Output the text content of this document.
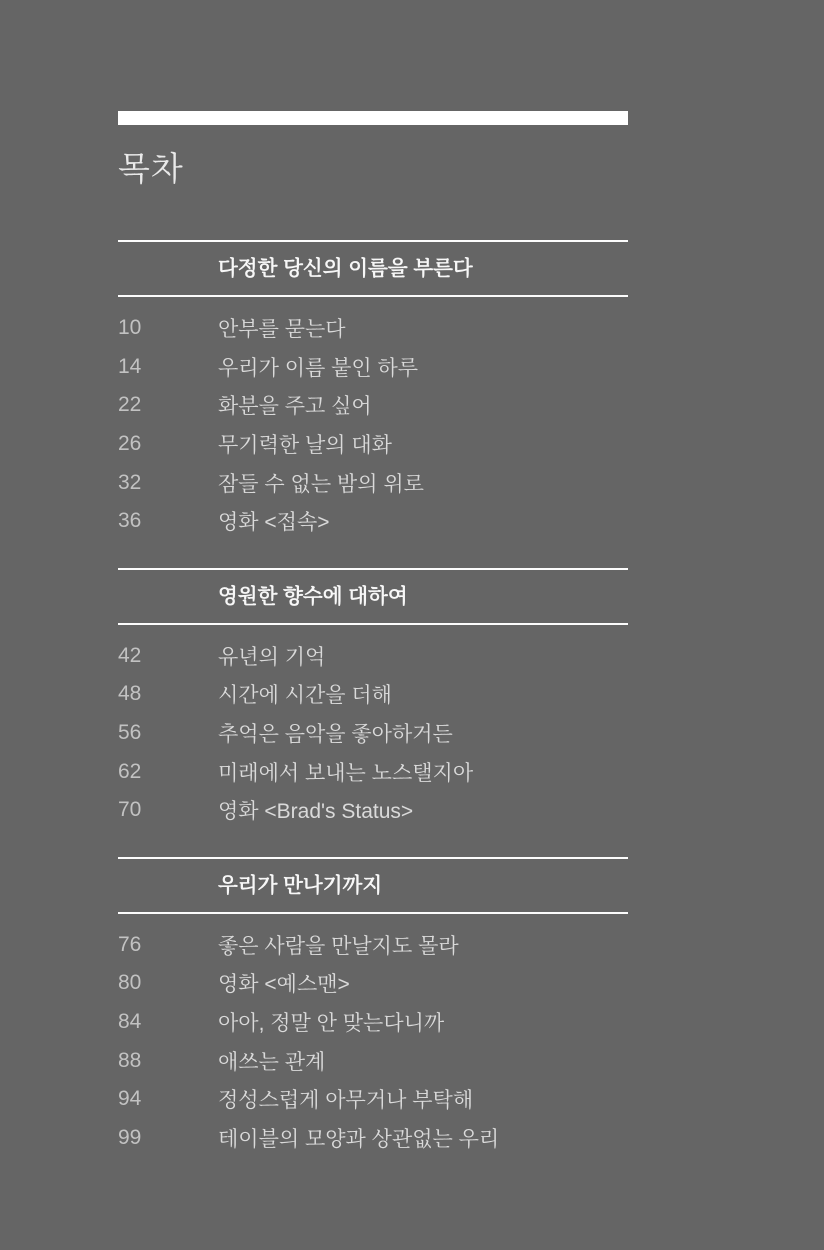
목차
다정한 당신의 이름을 부른다
10	안부를 묻는다
14	우리가 이름 붙인 하루
22	화분을 주고 싶어
26	무기력한 날의 대화
32	잠들 수 없는 밤의 위로
36	영화 <접속>
영원한 향수에 대하여
42	유년의 기억
48	시간에 시간을 더해
56	추억은 음악을 좋아하거든
62	미래에서 보내는 노스탤지아
70	영화 <Brad's Status>
우리가 만나기까지
76	좋은 사람을 만날지도 몰라
80	영화 <예스맨>
84	아아, 정말 안 맞는다니까
88	애쓰는 관계
94	정성스럽게 아무거나 부탁해
99	테이블의 모양과 상관없는 우리
